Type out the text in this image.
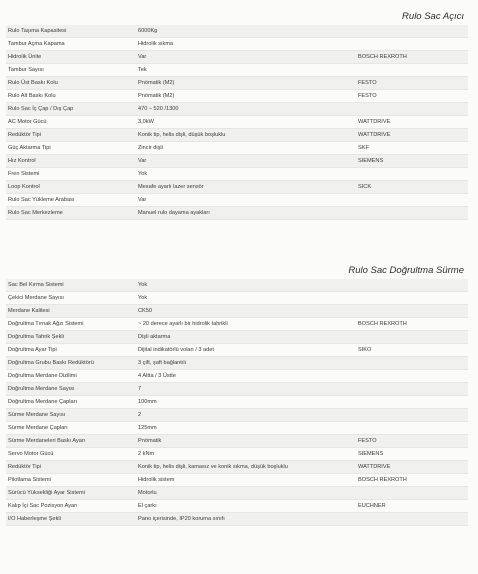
Rulo Sac Açıcı
Rulo Taşıma Kapasitesi	6000Kg
Tambur Açma Kapama	Hidrolik sıkma
Hidrolik Ünite	Var	BOSCH REXROTH
Tambur Sayısı	Tek
Rulo Üst Baskı Kolu	Pnömatik (M2)	FESTO
Rulo Alt Baskı Kolu	Pnömatik (M2)	FESTO
Rulo Sac İç Çap / Dış Çap	470 – 520 /1300
AC Motor Gücü	3,0kW	WATTDRIVE
Redüktör Tipi	Konik tip, helis dişli, düşük boşluklu	WATTDRIVE
Güç Aktarma Tipi	Zincir dişli	SKF
Hız Kontrol	Var	SIEMENS
Fren Sistemi	Yok
Loop Kontrol	Mesafe ayarlı lazer sensör	SICK
Rulo Sac Yükleme Arabası	Var
Rulo Sac Merkezleme	Manuel rulo dayama ayakları
Rulo Sac Doğrultma Sürme
Sac Bel Kırma Sistemi	Yok
Çekici Merdane Sayısı	Yok
Merdane Kalitesi	CK50
Doğrultma Tırnak Ağzı Sistemi	~ 20 derece ayarlı bir hidrolik tahrikli	BOSCH REXROTH
Doğrultma Tahrik Şekli	Dişli aktarma
Doğrultma Ayar Tipi	Dijital indikatörlü volan / 3 adet	SIKO
Doğrultma Grubu Baskı Redüktörü	3 çift, şaft bağlantılı
Doğrultma Merdane Dizilimi	4 Altta / 3 Üstte
Doğrultma Merdane Sayısı	7
Doğrultma Merdane Çapları	100mm
Sürme Merdane Sayısı	2
Sürme Merdane Çapları	125mm
Sürme Merdaneleri Baskı Ayarı	Pnömatik	FESTO
Servo Motor Gücü	2 kNm	SIEMENS
Redüktör Tipi	Konik tip, helis dişli, kamasız ve konik sıkma, düşük boşluklu	WATTDRIVE
Pilotlama Sistemi	Hidrolik sistem	BOSCH REXROTH
Sürücü Yüksekliği Ayar Sistemi	Motorlu
Kalıp İçi Sac Pozisyon Ayarı	El çarkı	EUCHNER
I/O Haberleşme Şekli	Pano içerisinde, IP20 koruma sınıfı
